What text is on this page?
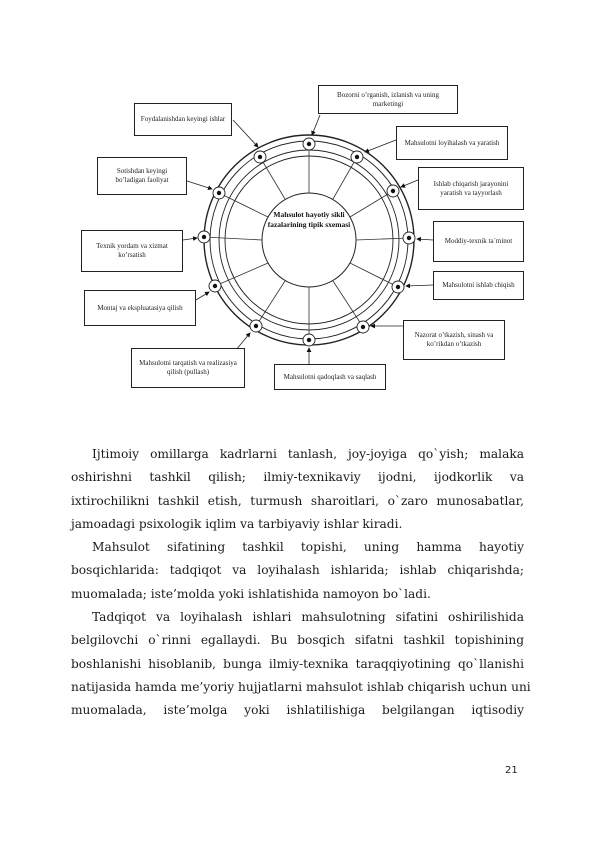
Mahsulot hayotiy sikli fazalarining tipik sxemasi
Bozorni o’rganish, izlanish va uning marketingi
Foydalanishdan keyingi ishlar
Mahsulotni loyihalash va yaratish
Sotishdan keyingi bo’ladigan faoliyat	Ishlab chiqarish jarayonini yaratish va tayyorlash
Moddiy-texnik ta`minot
Texnik yordam va xizmat ko’rsatish
Mahsulotni ishlab chiqish
Montaj va ekspluatasiya qilish
Nazorat o’tkazish, sinash va ko’rikdan o’tkazish
Mahsulotni tarqatish va realizasiya qilish (pullash)
Mahsulotni qadoqlash va saqlash
Ijtimoiy omillarga kadrlarni tanlash, joy-joyiga qo`yish; malaka
oshirishni tashkil qilish; ilmiy-texnikaviy ijodni, ijodkorlik va
ixtirochilikni tashkil etish, turmush sharoitlari, o`zaro munosabatlar,
jamoadagi psixologik iqlim va tarbiyaviy ishlar kiradi.
Mahsulot sifatining tashkil topishi, uning hamma hayotiy
bosqichlarida: tadqiqot va loyihalash ishlarida; ishlab chiqarishda;
muomalada; iste’molda yoki ishlatishida namoyon bo`ladi.
Tadqiqot va loyihalash ishlari mahsulotning sifatini oshirilishida
belgilovchi o`rinni egallaydi. Bu bosqich sifatni tashkil topishining
boshlanishi hisoblanib, bunga ilmiy-texnika taraqqiyotining qo`llanishi
natijasida hamda me’yoriy hujjatlarni mahsulot ishlab chiqarish uchun uni
muomalada, iste’molga yoki ishlatilishiga belgilangan iqtisodiy
21
